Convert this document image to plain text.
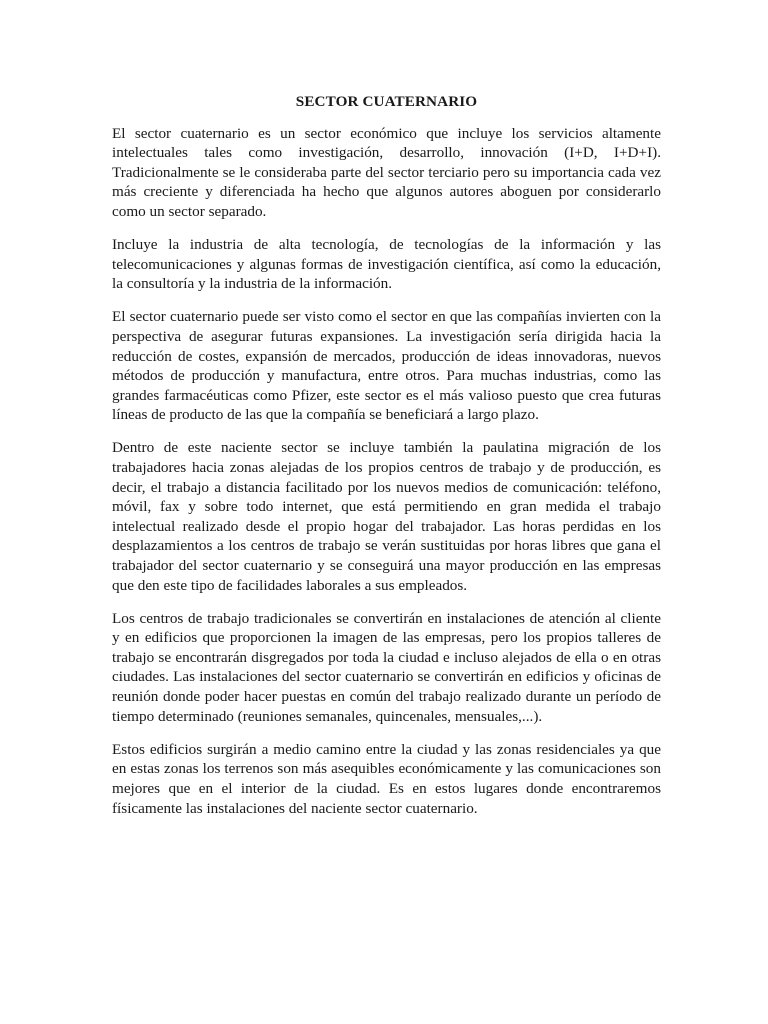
SECTOR CUATERNARIO

El sector cuaternario es un sector económico que incluye los servicios altamente intelectuales tales como investigación, desarrollo, innovación (I+D, I+D+I). Tradicionalmente se le consideraba parte del sector terciario pero su importancia cada vez más creciente y diferenciada ha hecho que algunos autores aboguen por considerarlo como un sector separado.

Incluye la industria de alta tecnología, de tecnologías de la información y las telecomunicaciones y algunas formas de investigación científica, así como la educación, la consultoría y la industria de la información.

El sector cuaternario puede ser visto como el sector en que las compañías invierten con la perspectiva de asegurar futuras expansiones. La investigación sería dirigida hacia la reducción de costes, expansión de mercados, producción de ideas innovadoras, nuevos métodos de producción y manufactura, entre otros. Para muchas industrias, como las grandes farmacéuticas como Pfizer, este sector es el más valioso puesto que crea futuras líneas de producto de las que la compañía se beneficiará a largo plazo.

Dentro de este naciente sector se incluye también la paulatina migración de los trabajadores hacia zonas alejadas de los propios centros de trabajo y de producción, es decir, el trabajo a distancia facilitado por los nuevos medios de comunicación: teléfono, móvil, fax y sobre todo internet, que está permitiendo en gran medida el trabajo intelectual realizado desde el propio hogar del trabajador. Las horas perdidas en los desplazamientos a los centros de trabajo se verán sustituidas por horas libres que gana el trabajador del sector cuaternario y se conseguirá una mayor producción en las empresas que den este tipo de facilidades laborales a sus empleados.

Los centros de trabajo tradicionales se convertirán en instalaciones de atención al cliente y en edificios que proporcionen la imagen de las empresas, pero los propios talleres de trabajo se encontrarán disgregados por toda la ciudad e incluso alejados de ella o en otras ciudades. Las instalaciones del sector cuaternario se convertirán en edificios y oficinas de reunión donde poder hacer puestas en común del trabajo realizado durante un período de tiempo determinado (reuniones semanales, quincenales, mensuales,...).

Estos edificios surgirán a medio camino entre la ciudad y las zonas residenciales ya que en estas zonas los terrenos son más asequibles económicamente y las comunicaciones son mejores que en el interior de la ciudad. Es en estos lugares donde encontraremos físicamente las instalaciones del naciente sector cuaternario.
